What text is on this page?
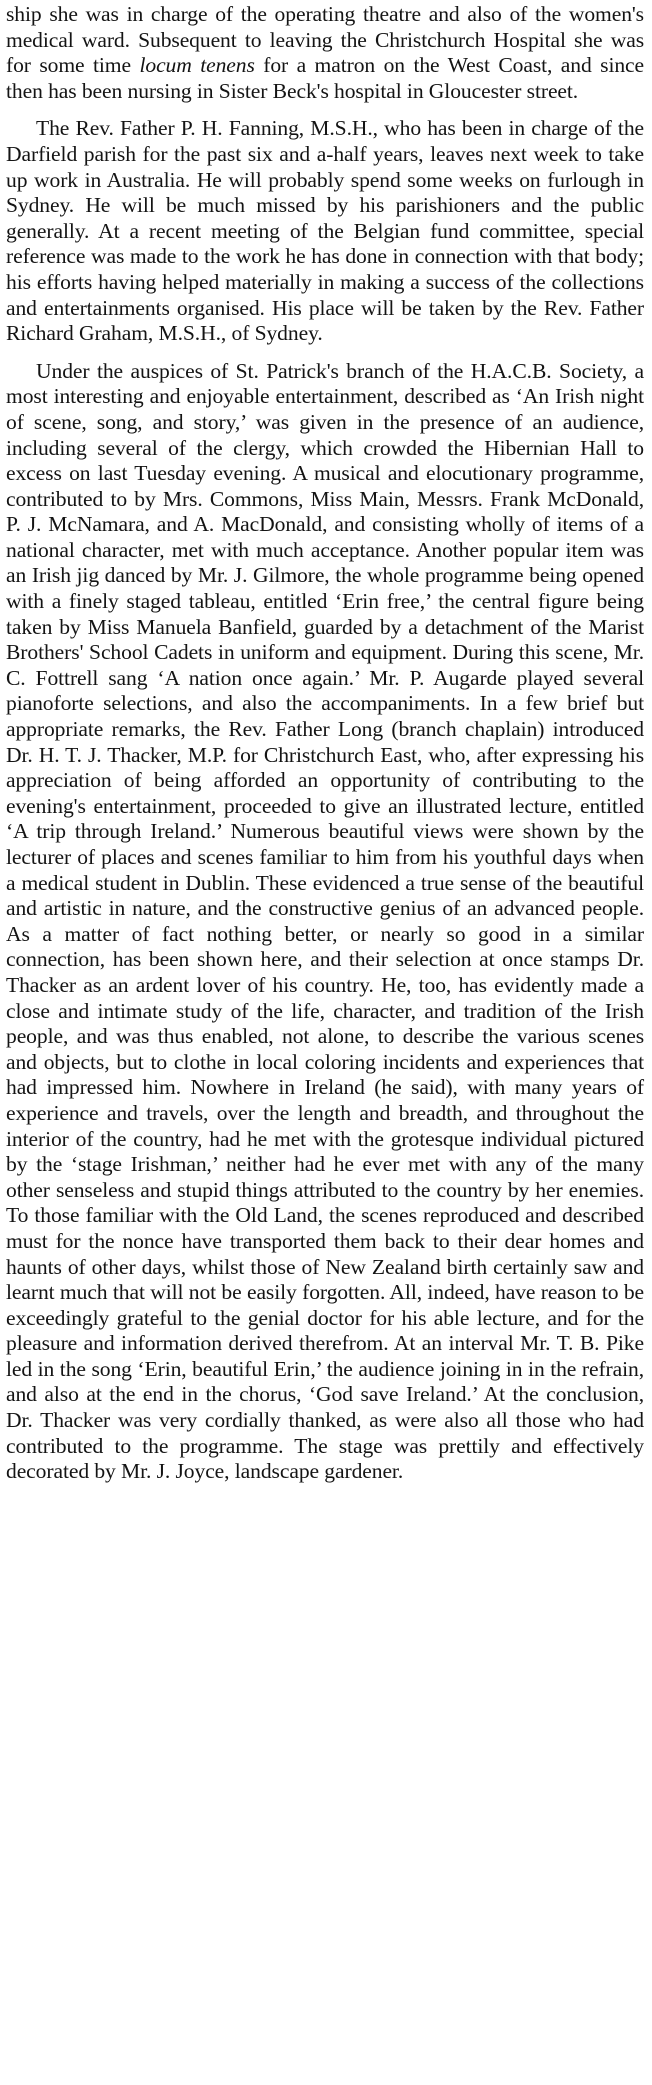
ship she was in charge of the operating theatre and also of the women's medical ward. Subsequent to leaving the Christchurch Hospital she was for some time locum tenens for a matron on the West Coast, and since then has been nursing in Sister Beck's hospital in Gloucester street.

The Rev. Father P. H. Fanning, M.S.H., who has been in charge of the Darfield parish for the past six and a-half years, leaves next week to take up work in Australia. He will probably spend some weeks on furlough in Sydney. He will be much missed by his parishioners and the public generally. At a recent meeting of the Belgian fund committee, special reference was made to the work he has done in connection with that body; his efforts having helped materially in making a success of the collections and entertainments organised. His place will be taken by the Rev. Father Richard Graham, M.S.H., of Sydney.

Under the auspices of St. Patrick's branch of the H.A.C.B. Society, a most interesting and enjoyable entertainment, described as ‘An Irish night of scene, song, and story,’ was given in the presence of an audience, including several of the clergy, which crowded the Hibernian Hall to excess on last Tuesday evening. A musical and elocutionary programme, contributed to by Mrs. Commons, Miss Main, Messrs. Frank McDonald, P. J. McNamara, and A. MacDonald, and consisting wholly of items of a national character, met with much acceptance. Another popular item was an Irish jig danced by Mr. J. Gilmore, the whole programme being opened with a finely staged tableau, entitled ‘Erin free,’ the central figure being taken by Miss Manuela Banfield, guarded by a detachment of the Marist Brothers' School Cadets in uniform and equipment. During this scene, Mr. C. Fottrell sang ‘A nation once again.’ Mr. P. Augarde played several pianoforte selections, and also the accompaniments. In a few brief but appropriate remarks, the Rev. Father Long (branch chaplain) introduced Dr. H. T. J. Thacker, M.P. for Christchurch East, who, after expressing his appreciation of being afforded an opportunity of contributing to the evening's entertainment, proceeded to give an illustrated lecture, entitled ‘A trip through Ireland.’ Numerous beautiful views were shown by the lecturer of places and scenes familiar to him from his youthful days when a medical student in Dublin. These evidenced a true sense of the beautiful and artistic in nature, and the constructive genius of an advanced people. As a matter of fact nothing better, or nearly so good in a similar connection, has been shown here, and their selection at once stamps Dr. Thacker as an ardent lover of his country. He, too, has evidently made a close and intimate study of the life, character, and tradition of the Irish people, and was thus enabled, not alone, to describe the various scenes and objects, but to clothe in local coloring incidents and experiences that had impressed him. Nowhere in Ireland (he said), with many years of experience and travels, over the length and breadth, and throughout the interior of the country, had he met with the grotesque individual pictured by the ‘stage Irishman,’ neither had he ever met with any of the many other senseless and stupid things attributed to the country by her enemies. To those familiar with the Old Land, the scenes reproduced and described must for the nonce have transported them back to their dear homes and haunts of other days, whilst those of New Zealand birth certainly saw and learnt much that will not be easily forgotten. All, indeed, have reason to be exceedingly grateful to the genial doctor for his able lecture, and for the pleasure and information derived therefrom. At an interval Mr. T. B. Pike led in the song ‘Erin, beautiful Erin,’ the audience joining in in the refrain, and also at the end in the chorus, ‘God save Ireland.’ At the conclusion, Dr. Thacker was very cordially thanked, as were also all those who had contributed to the programme. The stage was prettily and effectively decorated by Mr. J. Joyce, landscape gardener.
